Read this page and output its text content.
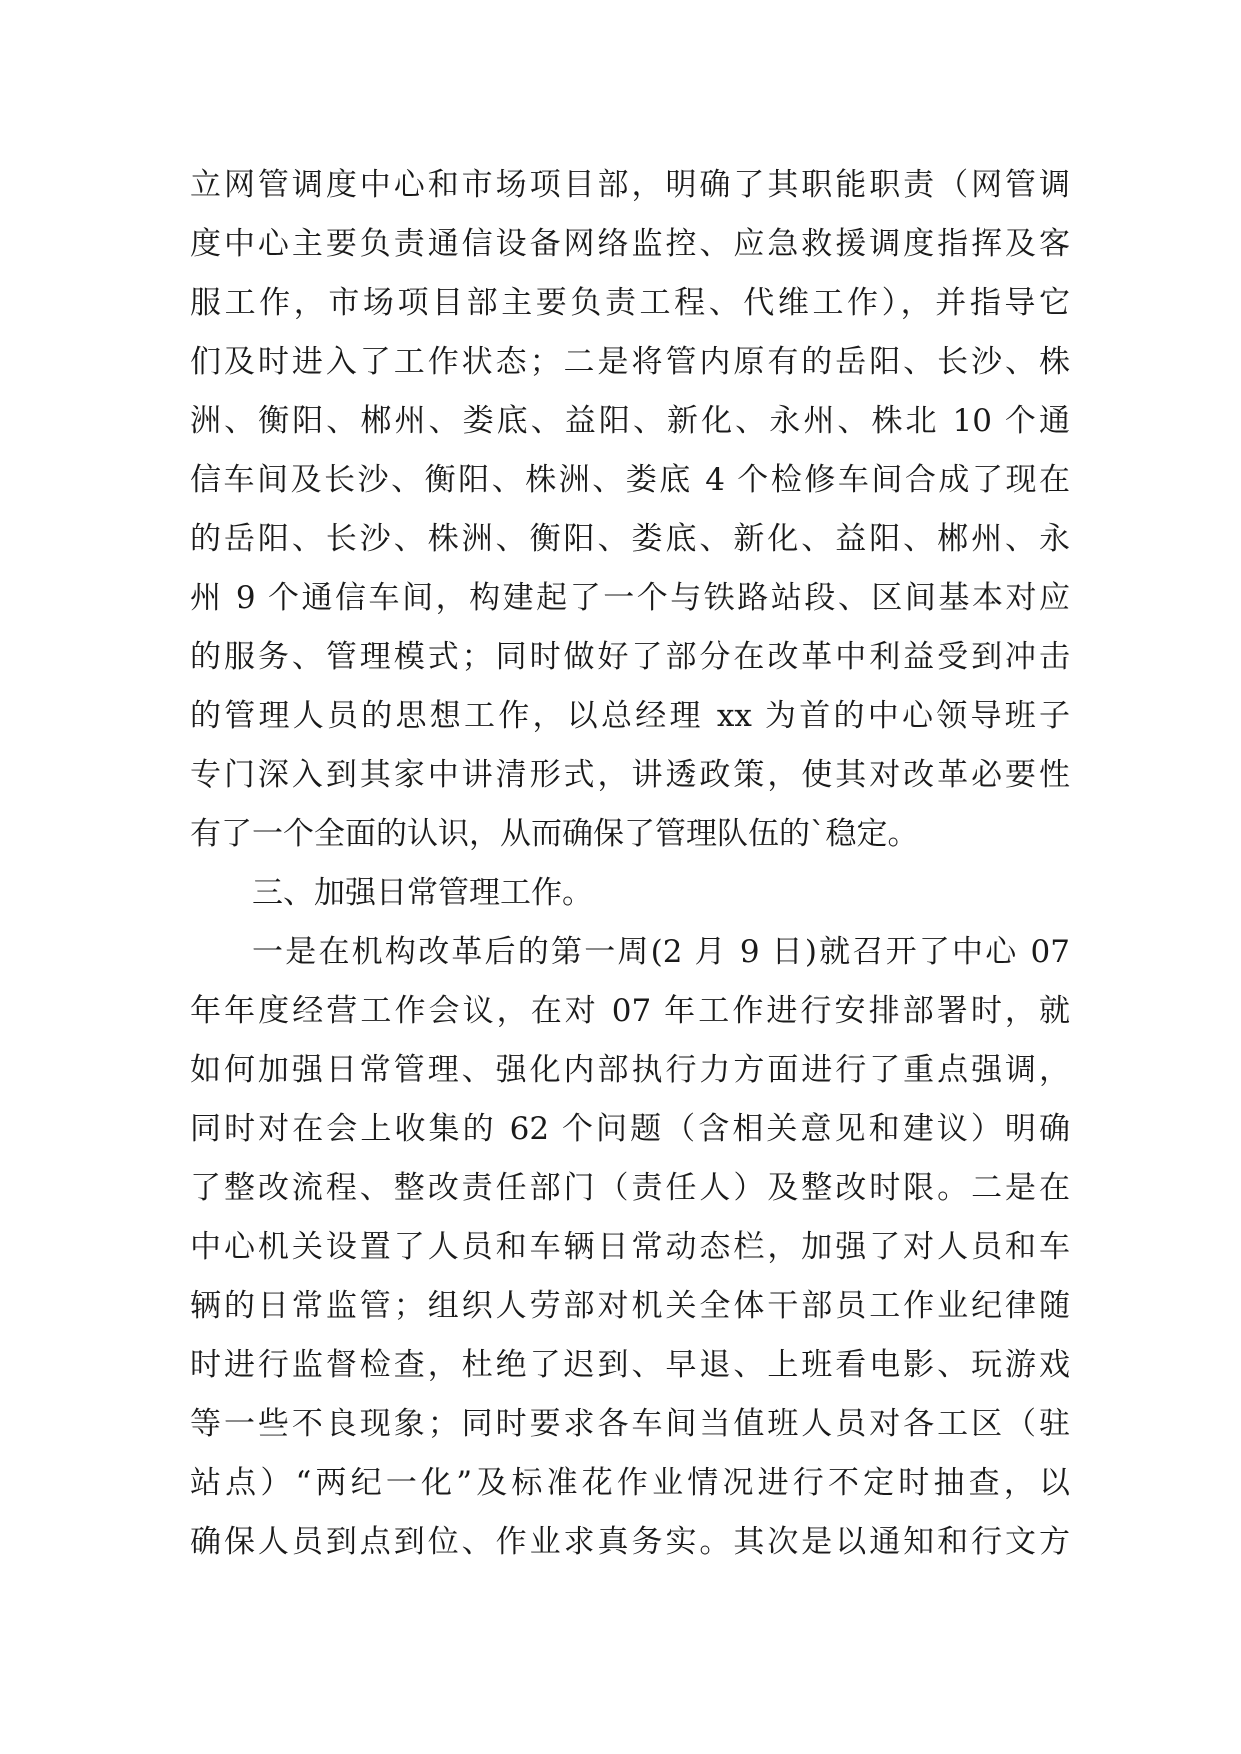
立网管调度中心和市场项目部，明确了其职能职责（网管调
度中心主要负责通信设备网络监控、应急救援调度指挥及客
服工作，市场项目部主要负责工程、代维工作），并指导它
们及时进入了工作状态；二是将管内原有的岳阳、长沙、株
洲、衡阳、郴州、娄底、益阳、新化、永州、株北 10 个通
信车间及长沙、衡阳、株洲、娄底 4 个检修车间合成了现在
的岳阳、长沙、株洲、衡阳、娄底、新化、益阳、郴州、永
州 9 个通信车间，构建起了一个与铁路站段、区间基本对应
的服务、管理模式；同时做好了部分在改革中利益受到冲击
的管理人员的思想工作，以总经理 xx 为首的中心领导班子
专门深入到其家中讲清形式，讲透政策，使其对改革必要性
有了一个全面的认识，从而确保了管理队伍的`稳定。
三、加强日常管理工作。
一是在机构改革后的第一周(2 月 9 日)就召开了中心 07
年年度经营工作会议，在对 07 年工作进行安排部署时，就
如何加强日常管理、强化内部执行力方面进行了重点强调，
同时对在会上收集的 62 个问题（含相关意见和建议）明确
了整改流程、整改责任部门（责任人）及整改时限。二是在
中心机关设置了人员和车辆日常动态栏，加强了对人员和车
辆的日常监管；组织人劳部对机关全体干部员工作业纪律随
时进行监督检查，杜绝了迟到、早退、上班看电影、玩游戏
等一些不良现象；同时要求各车间当值班人员对各工区（驻
站点）“两纪一化”及标准花作业情况进行不定时抽查，以
确保人员到点到位、作业求真务实。其次是以通知和行文方
